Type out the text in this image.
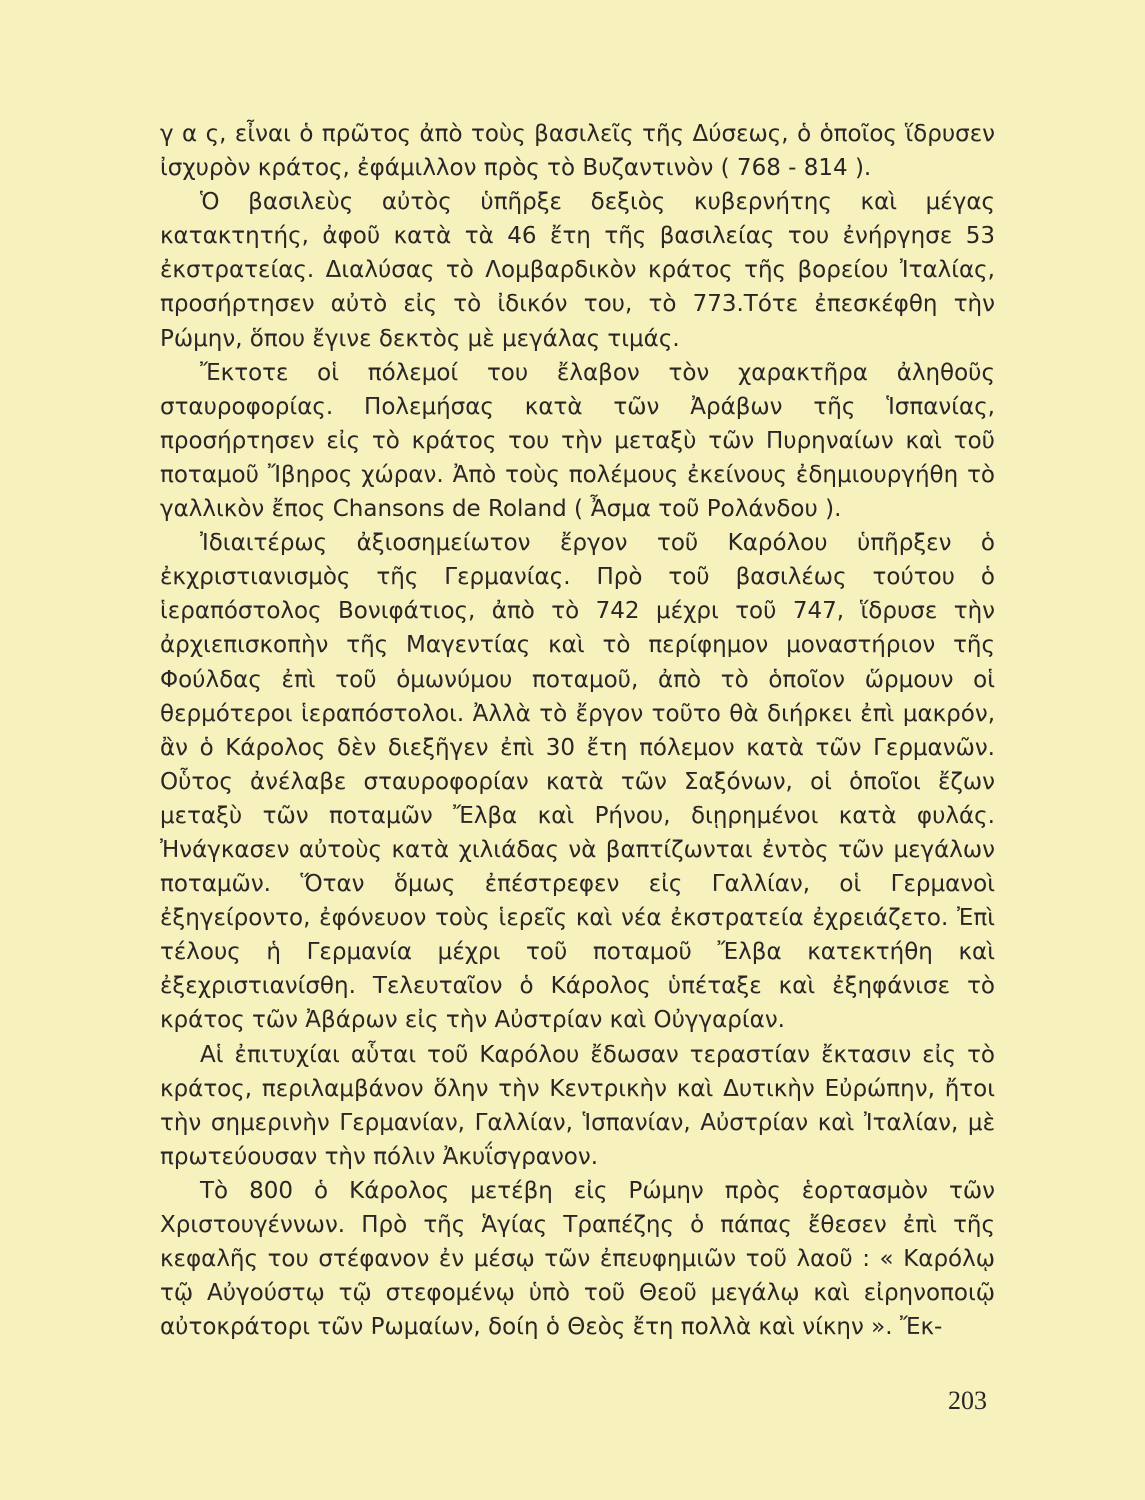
γ α ς, εἶναι ὁ πρῶτος ἀπὸ τοὺς βασιλεῖς τῆς Δύσεως, ὁ ὁποῖος ἵδρυσεν ἰσχυρὸν κράτος, ἐφάμιλλον πρὸς τὸ Βυζαντινὸν ( 768 - 814 ).

Ὁ βασιλεὺς αὐτὸς ὑπῆρξε δεξιὸς κυβερνήτης καὶ μέγας κατακτητής, ἀφοῦ κατὰ τὰ 46 ἔτη τῆς βασιλείας του ἐνήργησε 53 ἐκστρατείας. Διαλύσας τὸ Λομβαρδικὸν κράτος τῆς βορείου Ἰταλίας, προσήρτησεν αὐτὸ εἰς τὸ ἰδικόν του, τὸ 773.Τότε ἐπεσκέφθη τὴν Ρώμην, ὅπου ἔγινε δεκτὸς μὲ μεγάλας τιμάς.

Ἔκτοτε οἱ πόλεμοί του ἔλαβον τὸν χαρακτῆρα ἀληθοῦς σταυροφορίας. Πολεμήσας κατὰ τῶν Ἀράβων τῆς Ἱσπανίας, προσήρτησεν εἰς τὸ κράτος του τὴν μεταξὺ τῶν Πυρηναίων καὶ τοῦ ποταμοῦ Ἴβηρος χώραν. Ἀπὸ τοὺς πολέμους ἐκείνους ἐδημιουργήθη τὸ γαλλικὸν ἔπος Chansons de Roland ( Ἆσμα τοῦ Ρολάνδου ).

Ἰδιαιτέρως ἀξιοσημείωτον ἔργον τοῦ Καρόλου ὑπῆρξεν ὁ ἐκχριστιανισμὸς τῆς Γερμανίας. Πρὸ τοῦ βασιλέως τούτου ὁ ἱεραπόστολος Βονιφάτιος, ἀπὸ τὸ 742 μέχρι τοῦ 747, ἵδρυσε τὴν ἀρχιεπισκοπὴν τῆς Μαγεντίας καὶ τὸ περίφημον μοναστήριον τῆς Φούλδας ἐπὶ τοῦ ὁμωνύμου ποταμοῦ, ἀπὸ τὸ ὁποῖον ὥρμουν οἱ θερμότεροι ἱεραπόστολοι. Ἀλλὰ τὸ ἔργον τοῦτο θὰ διήρκει ἐπὶ μακρόν, ἂν ὁ Κάρολος δὲν διεξῆγεν ἐπὶ 30 ἔτη πόλεμον κατὰ τῶν Γερμανῶν. Οὗτος ἀνέλαβε σταυροφορίαν κατὰ τῶν Σαξόνων, οἱ ὁποῖοι ἔζων μεταξὺ τῶν ποταμῶν Ἔλβα καὶ Ρήνου, διῃρημένοι κατὰ φυλάς. Ἠνάγκασεν αὐτοὺς κατὰ χιλιάδας νὰ βαπτίζωνται ἐντὸς τῶν μεγάλων ποταμῶν. Ὅταν ὅμως ἐπέστρεφεν εἰς Γαλλίαν, οἱ Γερμανοὶ ἐξηγείροντο, ἐφόνευον τοὺς ἱερεῖς καὶ νέα ἐκστρατεία ἐχρειάζετο. Ἐπὶ τέλους ἡ Γερμανία μέχρι τοῦ ποταμοῦ Ἔλβα κατεκτήθη καὶ ἐξεχριστιανίσθη. Τελευταῖον ὁ Κάρολος ὑπέταξε καὶ ἐξηφάνισε τὸ κράτος τῶν Ἀβάρων εἰς τὴν Αὐστρίαν καὶ Οὐγγαρίαν.

Αἱ ἐπιτυχίαι αὗται τοῦ Καρόλου ἔδωσαν τεραστίαν ἔκτασιν εἰς τὸ κράτος, περιλαμβάνον ὅλην τὴν Κεντρικὴν καὶ Δυτικὴν Εὐρώπην, ἤτοι τὴν σημερινὴν Γερμανίαν, Γαλλίαν, Ἱσπανίαν, Αὐστρίαν καὶ Ἰταλίαν, μὲ πρωτεύουσαν τὴν πόλιν Ἀκυΐσγρανον.

Τὸ 800 ὁ Κάρολος μετέβη εἰς Ρώμην πρὸς ἑορτασμὸν τῶν Χριστουγέννων. Πρὸ τῆς Ἁγίας Τραπέζης ὁ πάπας ἔθεσεν ἐπὶ τῆς κεφαλῆς του στέφανον ἐν μέσῳ τῶν ἐπευφημιῶν τοῦ λαοῦ : « Καρόλῳ τῷ Αὐγούστῳ τῷ στεφομένῳ ὑπὸ τοῦ Θεοῦ μεγάλῳ καὶ εἰρηνοποιῷ αὐτοκράτορι τῶν Ρωμαίων, δοίη ὁ Θεὸς ἔτη πολλὰ καὶ νίκην ». Ἔκ-

203
